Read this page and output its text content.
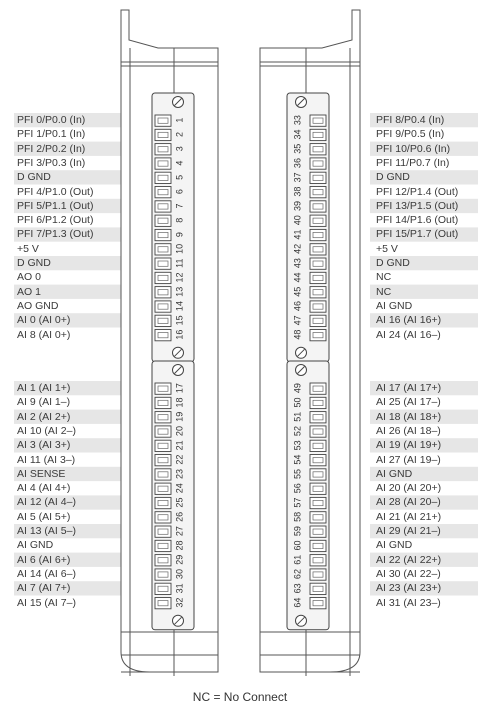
1
2
3
4
5
6
7
8
9
10
11
12
13
14
15
16
17
18
19
20
21
22
23
24
25
26
27
28
29
30
31
32
33
34
35
36
37
38
39
40
41
42
43
44
45
46
47
48
49
50
51
52
53
54
55
56
57
58
59
60
61
62
63
64
PFI 0/P0.0 (In)
PFI 1/P0.1 (In)
PFI 2/P0.2 (In)
PFI 3/P0.3 (In)
D GND
PFI 4/P1.0 (Out)
PFI 5/P1.1 (Out)
PFI 6/P1.2 (Out)
PFI 7/P1.3 (Out)
+5 V
D GND
AO 0
AO 1
AO GND
AI 0 (AI 0+)
AI 8 (AI 0+)
AI 1 (AI 1+)
AI 9 (AI 1–)
AI 2 (AI 2+)
AI 10 (AI 2–)
AI 3 (AI 3+)
AI 11 (AI 3–)
AI SENSE
AI 4 (AI 4+)
AI 12 (AI 4–)
AI 5 (AI 5+)
AI 13 (AI 5–)
AI GND
AI 6 (AI 6+)
AI 14 (AI 6–)
AI 7 (AI 7+)
AI 15 (AI 7–)
PFI 8/P0.4 (In)
PFI 9/P0.5 (In)
PFI 10/P0.6 (In)
PFI 11/P0.7 (In)
D GND
PFI 12/P1.4 (Out)
PFI 13/P1.5 (Out)
PFI 14/P1.6 (Out)
PFI 15/P1.7 (Out)
+5 V
D GND
NC
NC
AI GND
AI 16 (AI 16+)
AI 24 (AI 16–)
AI 17 (AI 17+)
AI 25 (AI 17–)
AI 18 (AI 18+)
AI 26 (AI 18–)
AI 19 (AI 19+)
AI 27 (AI 19–)
AI GND
AI 20 (AI 20+)
AI 28 (AI 20–)
AI 21 (AI 21+)
AI 29 (AI 21–)
AI GND
AI 22 (AI 22+)
AI 30 (AI 22–)
AI 23 (AI 23+)
AI 31 (AI 23–)
NC = No Connect
